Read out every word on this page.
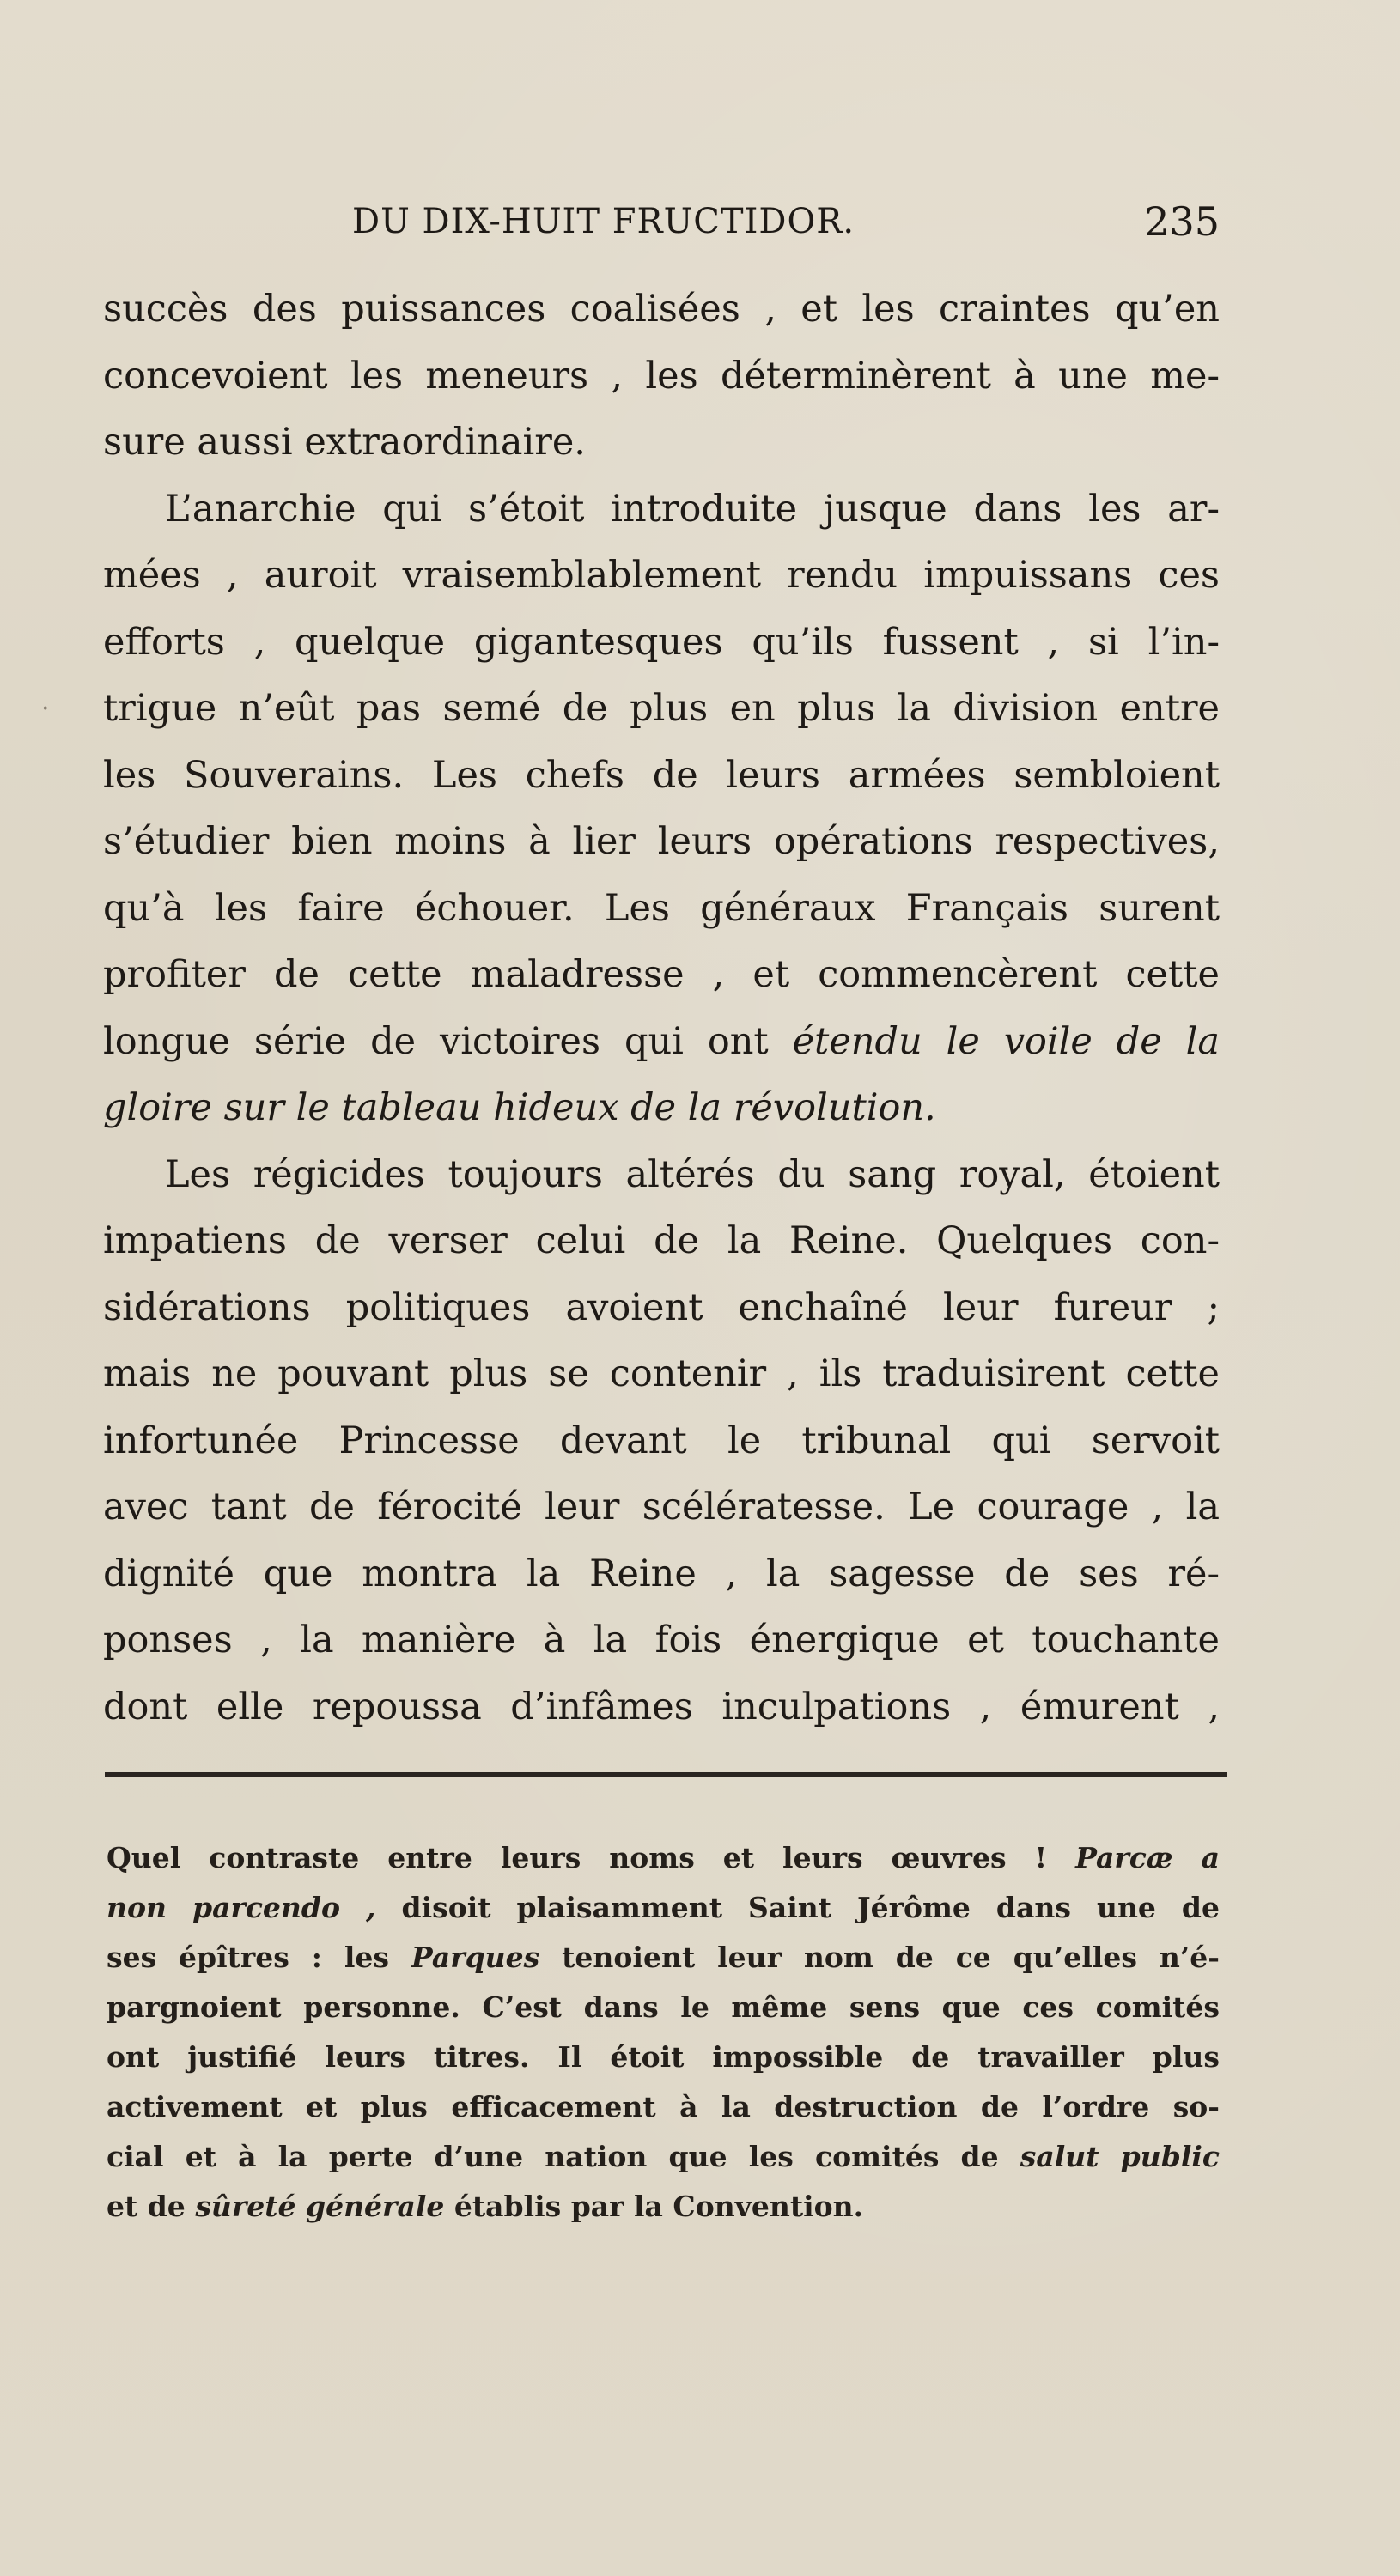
·
DU DIX-HUIT FRUCTIDOR.	235
succès des puissances coalisées , et les craintes qu’en
concevoient les meneurs , les déterminèrent à une me-
sure aussi extraordinaire.
L’anarchie qui s’étoit introduite jusque dans les ar-
mées , auroit vraisemblablement rendu impuissans ces
efforts , quelque gigantesques qu’ils fussent , si l’in-
trigue n’eût pas semé de plus en plus la division entre
les Souverains. Les chefs de leurs armées sembloient
s’étudier bien moins à lier leurs opérations respectives,
qu’à les faire échouer. Les généraux Français surent
profiter de cette maladresse , et commencèrent cette
longue série de victoires qui ont étendu le voile de la
gloire sur le tableau hideux de la révolution.
Les régicides toujours altérés du sang royal, étoient
impatiens de verser celui de la Reine. Quelques con-
sidérations politiques avoient enchaîné leur fureur ;
mais ne pouvant plus se contenir , ils traduisirent cette
infortunée Princesse devant le tribunal qui servoit
avec tant de férocité leur scélératesse. Le courage , la
dignité que montra la Reine , la sagesse de ses ré-
ponses , la manière à la fois énergique et touchante
dont elle repoussa d’infâmes inculpations , émurent ,
Quel contraste entre leurs noms et leurs œuvres ! Parcæ a
non parcendo , disoit plaisamment Saint Jérôme dans une de
ses épîtres : les Parques tenoient leur nom de ce qu’elles n’é-
pargnoient personne. C’est dans le même sens que ces comités
ont justifié leurs titres. Il étoit impossible de travailler plus
activement et plus efficacement à la destruction de l’ordre so-
cial et à la perte d’une nation que les comités de salut public
et de sûreté générale établis par la Convention.
